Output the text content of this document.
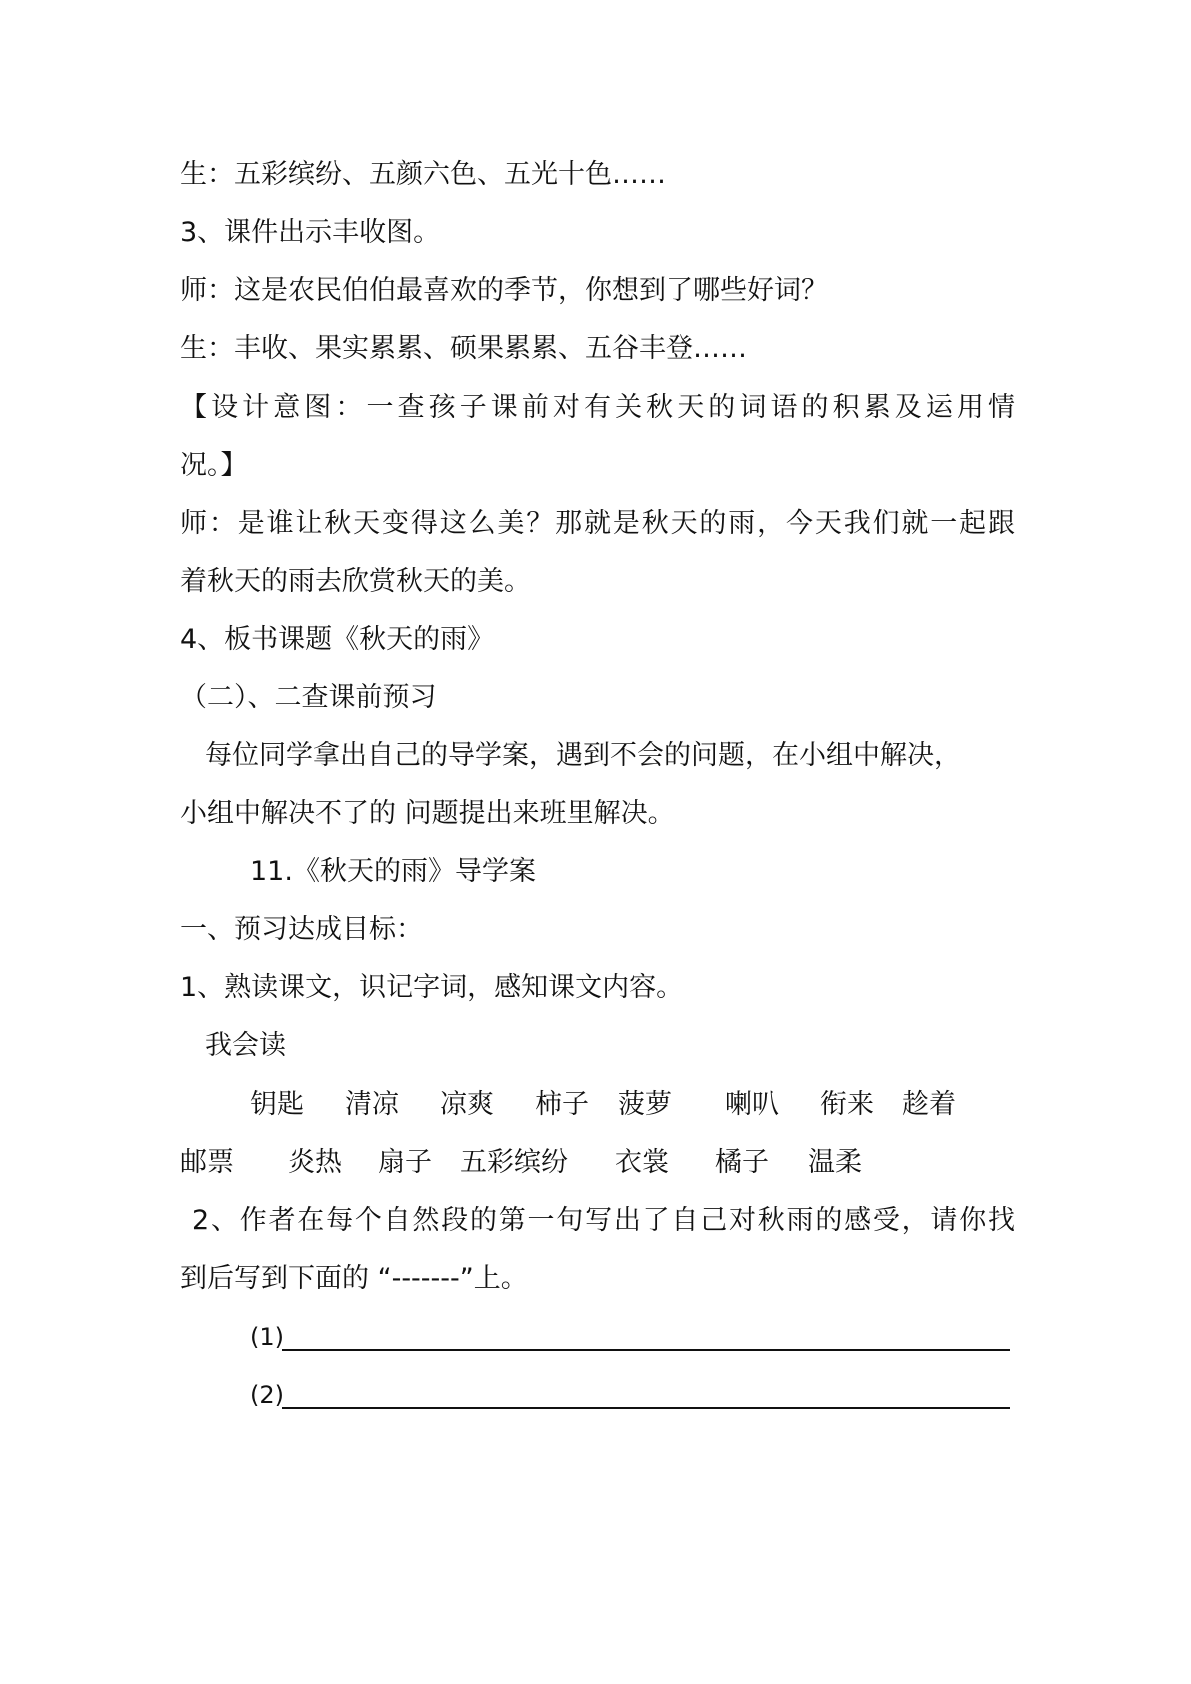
生：五彩缤纷、五颜六色、五光十色……
3、课件出示丰收图。
师：这是农民伯伯最喜欢的季节，你想到了哪些好词？
生：丰收、果实累累、硕果累累、五谷丰登……
【设计意图：一查孩子课前对有关秋天的词语的积累及运用情
况。】
师：是谁让秋天变得这么美？那就是秋天的雨，今天我们就一起跟
着秋天的雨去欣赏秋天的美。
4、板书课题《秋天的雨》
（二）、二查课前预习
每位同学拿出自己的导学案，遇到不会的问题，在小组中解决，
小组中解决不了的 问题提出来班里解决。
11.《秋天的雨》导学案
一、预习达成目标：
1、熟读课文，识记字词，感知课文内容。
我会读
钥匙 清凉 凉爽 柿子 菠萝 喇叭 衔来 趁着
邮票 炎热 扇子 五彩缤纷 衣裳 橘子 温柔
2、作者在每个自然段的第一句写出了自己对秋雨的感受，请你找
到后写到下面的 “-------”上。
(1)
(2)
